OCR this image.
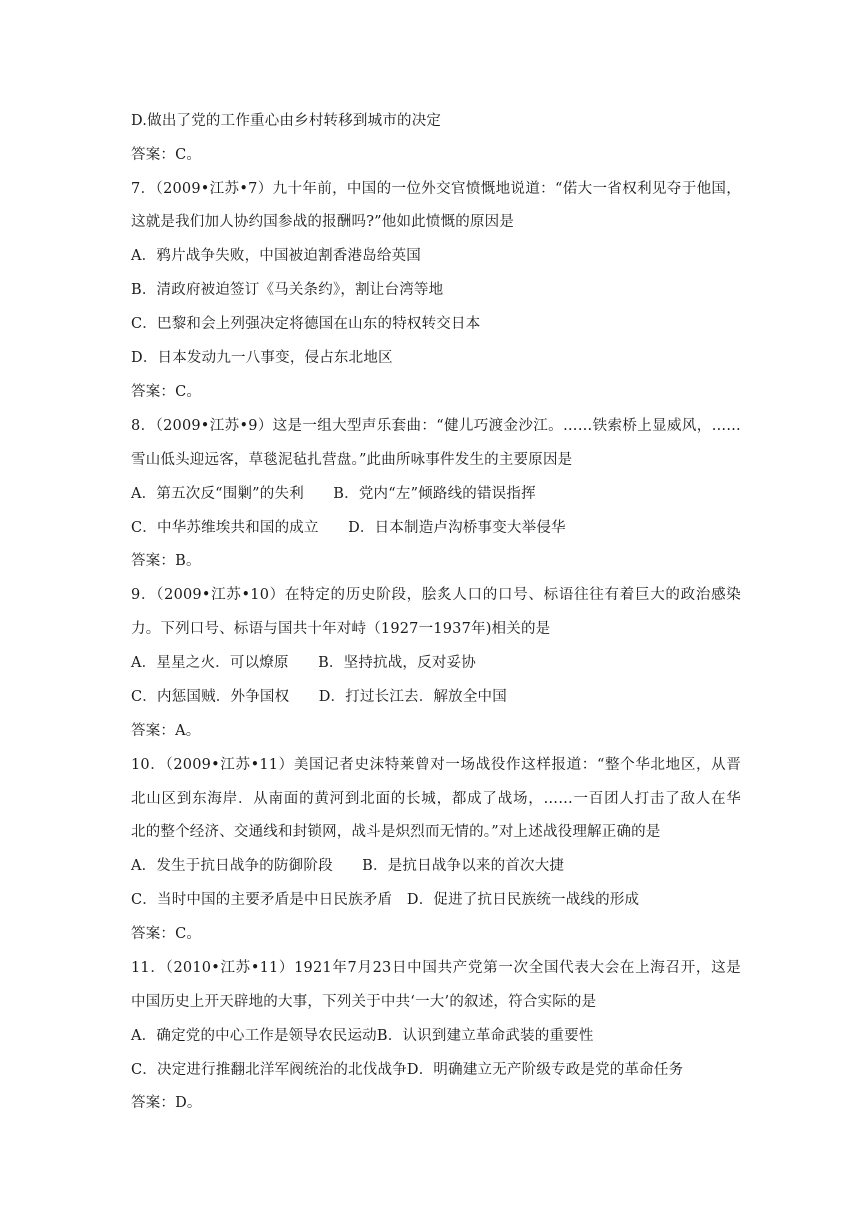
D.做出了党的工作重心由乡村转移到城市的决定
答案：C。
7．（2009•江苏•7）九十年前，中国的一位外交官愤慨地说道：“偌大一省权利见夺于他国，
这就是我们加人协约国参战的报酬吗?”他如此愤慨的原因是
A．鸦片战争失败，中国被迫割香港岛给英国
B．清政府被迫签订《马关条约》，割让台湾等地
C．巴黎和会上列强决定将德国在山东的特权转交日本
D．日本发动九一八事变，侵占东北地区
答案：C。
8．（2009•江苏•9）这是一组大型声乐套曲：“健儿巧渡金沙江。……铁索桥上显威风，……
雪山低头迎远客，草毯泥毡扎营盘。”此曲所咏事件发生的主要原因是
A．第五次反“围剿”的失利　　B．党内“左”倾路线的错误指挥
C．中华苏维埃共和国的成立　　D．日本制造卢沟桥事变大举侵华
答案：B。
9．（2009•江苏•10）在特定的历史阶段，脍炙人口的口号、标语往往有着巨大的政治感染
力。下列口号、标语与国共十年对峙（1927一1937年)相关的是
A．星星之火．可以燎原　　B．坚持抗战，反对妥协
C．内惩国贼．外争国权　　D．打过长江去．解放全中国
答案：A。
10．（2009•江苏•11）美国记者史沫特莱曾对一场战役作这样报道：“整个华北地区，从晋
北山区到东海岸．从南面的黄河到北面的长城，都成了战场，……一百团人打击了敌人在华
北的整个经济、交通线和封锁网，战斗是炽烈而无情的。”对上述战役理解正确的是
A．发生于抗日战争的防御阶段　　B．是抗日战争以来的首次大捷
C．当时中国的主要矛盾是中日民族矛盾　D．促进了抗日民族统一战线的形成
答案：C。
11．（2010•江苏•11）1921年7月23日中国共产党第一次全国代表大会在上海召开，这是
中国历史上开天辟地的大事，下列关于中共‘一大’的叙述，符合实际的是
A．确定党的中心工作是领导农民运动B．认识到建立革命武装的重要性
C．决定进行推翻北洋军阀统治的北伐战争D．明确建立无产阶级专政是党的革命任务
答案：D。
